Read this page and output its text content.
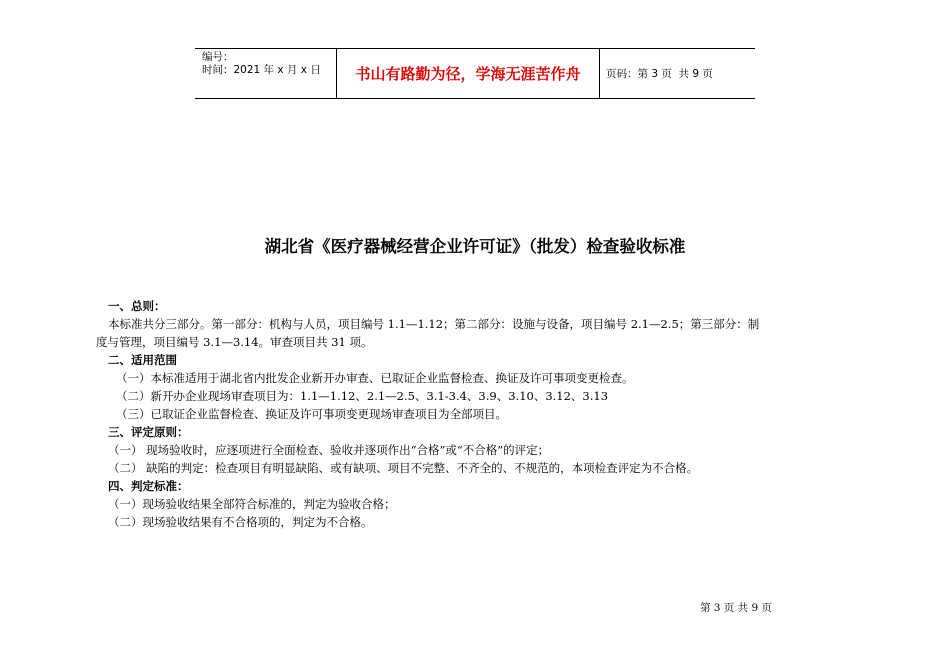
编号：
时间：2021 年 x 月 x 日	书山有路勤为径，学海无涯苦作舟	页码：第 3 页  共 9 页
湖北省《医疗器械经营企业许可证》（批发）检查验收标准
一、总则：
本标准共分三部分。第一部分：机构与人员，项目编号 1.1—1.12；第二部分：设施与设备，项目编号 2.1—2.5；第三部分：制
度与管理，项目编号 3.1—3.14。审查项目共 31 项。
二、适用范围
（一）本标准适用于湖北省内批发企业新开办审查、已取证企业监督检查、换证及许可事项变更检查。
（二）新开办企业现场审查项目为：1.1—1.12、2.1—2.5、3.1-3.4、3.9、3.10、3.12、3.13
（三）已取证企业监督检查、换证及许可事项变更现场审查项目为全部项目。
三、评定原则：
（一） 现场验收时，应逐项进行全面检查、验收并逐项作出“合格”或“不合格”的评定；
（二） 缺陷的判定：检查项目有明显缺陷、或有缺项、项目不完整、不齐全的、不规范的，本项检查评定为不合格。
四、判定标准：
（一）现场验收结果全部符合标准的，判定为验收合格；
（二）现场验收结果有不合格项的，判定为不合格。
第 3 页 共 9 页
